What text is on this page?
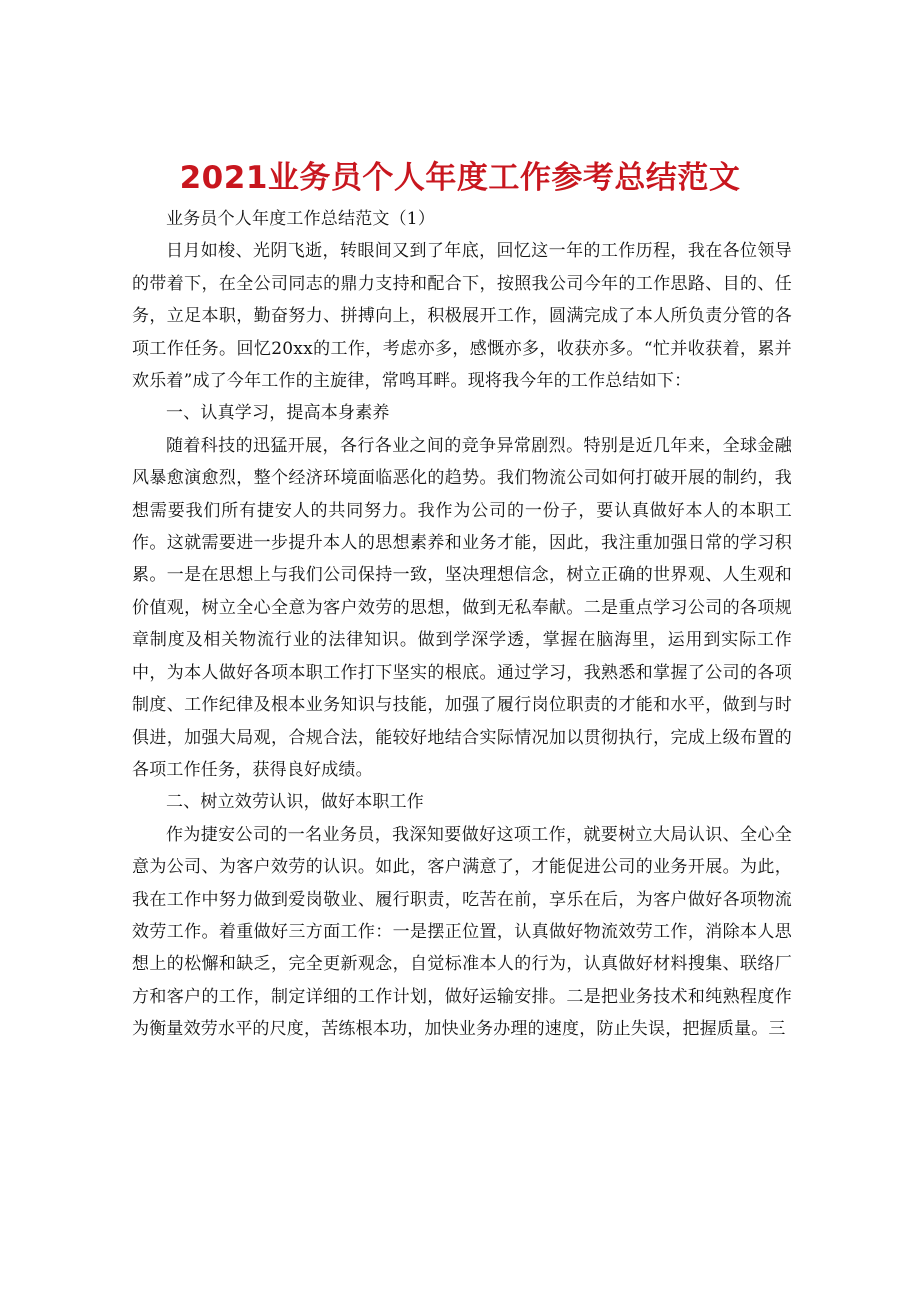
2021业务员个人年度工作参考总结范文

业务员个人年度工作总结范文（1）

日月如梭、光阴飞逝，转眼间又到了年底，回忆这一年的工作历程，我在各位领导的带着下，在全公司同志的鼎力支持和配合下，按照我公司今年的工作思路、目的、任务，立足本职，勤奋努力、拼搏向上，积极展开工作，圆满完成了本人所负责分管的各项工作任务。回忆20xx的工作，考虑亦多，感慨亦多，收获亦多。“忙并收获着，累并欢乐着”成了今年工作的主旋律，常鸣耳畔。现将我今年的工作总结如下：

一、认真学习，提高本身素养

随着科技的迅猛开展，各行各业之间的竞争异常剧烈。特别是近几年来，全球金融风暴愈演愈烈，整个经济环境面临恶化的趋势。我们物流公司如何打破开展的制约，我想需要我们所有捷安人的共同努力。我作为公司的一份子，要认真做好本人的本职工作。这就需要进一步提升本人的思想素养和业务才能，因此，我注重加强日常的学习积累。一是在思想上与我们公司保持一致，坚决理想信念，树立正确的世界观、人生观和价值观，树立全心全意为客户效劳的思想，做到无私奉献。二是重点学习公司的各项规章制度及相关物流行业的法律知识。做到学深学透，掌握在脑海里，运用到实际工作中，为本人做好各项本职工作打下坚实的根底。通过学习，我熟悉和掌握了公司的各项制度、工作纪律及根本业务知识与技能，加强了履行岗位职责的才能和水平，做到与时俱进，加强大局观，合规合法，能较好地结合实际情况加以贯彻执行，完成上级布置的各项工作任务，获得良好成绩。

二、树立效劳认识，做好本职工作

作为捷安公司的一名业务员，我深知要做好这项工作，就要树立大局认识、全心全意为公司、为客户效劳的认识。如此，客户满意了，才能促进公司的业务开展。为此，我在工作中努力做到爱岗敬业、履行职责，吃苦在前，享乐在后，为客户做好各项物流效劳工作。着重做好三方面工作：一是摆正位置，认真做好物流效劳工作，消除本人思想上的松懈和缺乏，完全更新观念，自觉标准本人的行为，认真做好材料搜集、联络厂方和客户的工作，制定详细的工作计划，做好运输安排。二是把业务技术和纯熟程度作为衡量效劳水平的尺度，苦练根本功，加快业务办理的速度，防止失误，把握质量。三
